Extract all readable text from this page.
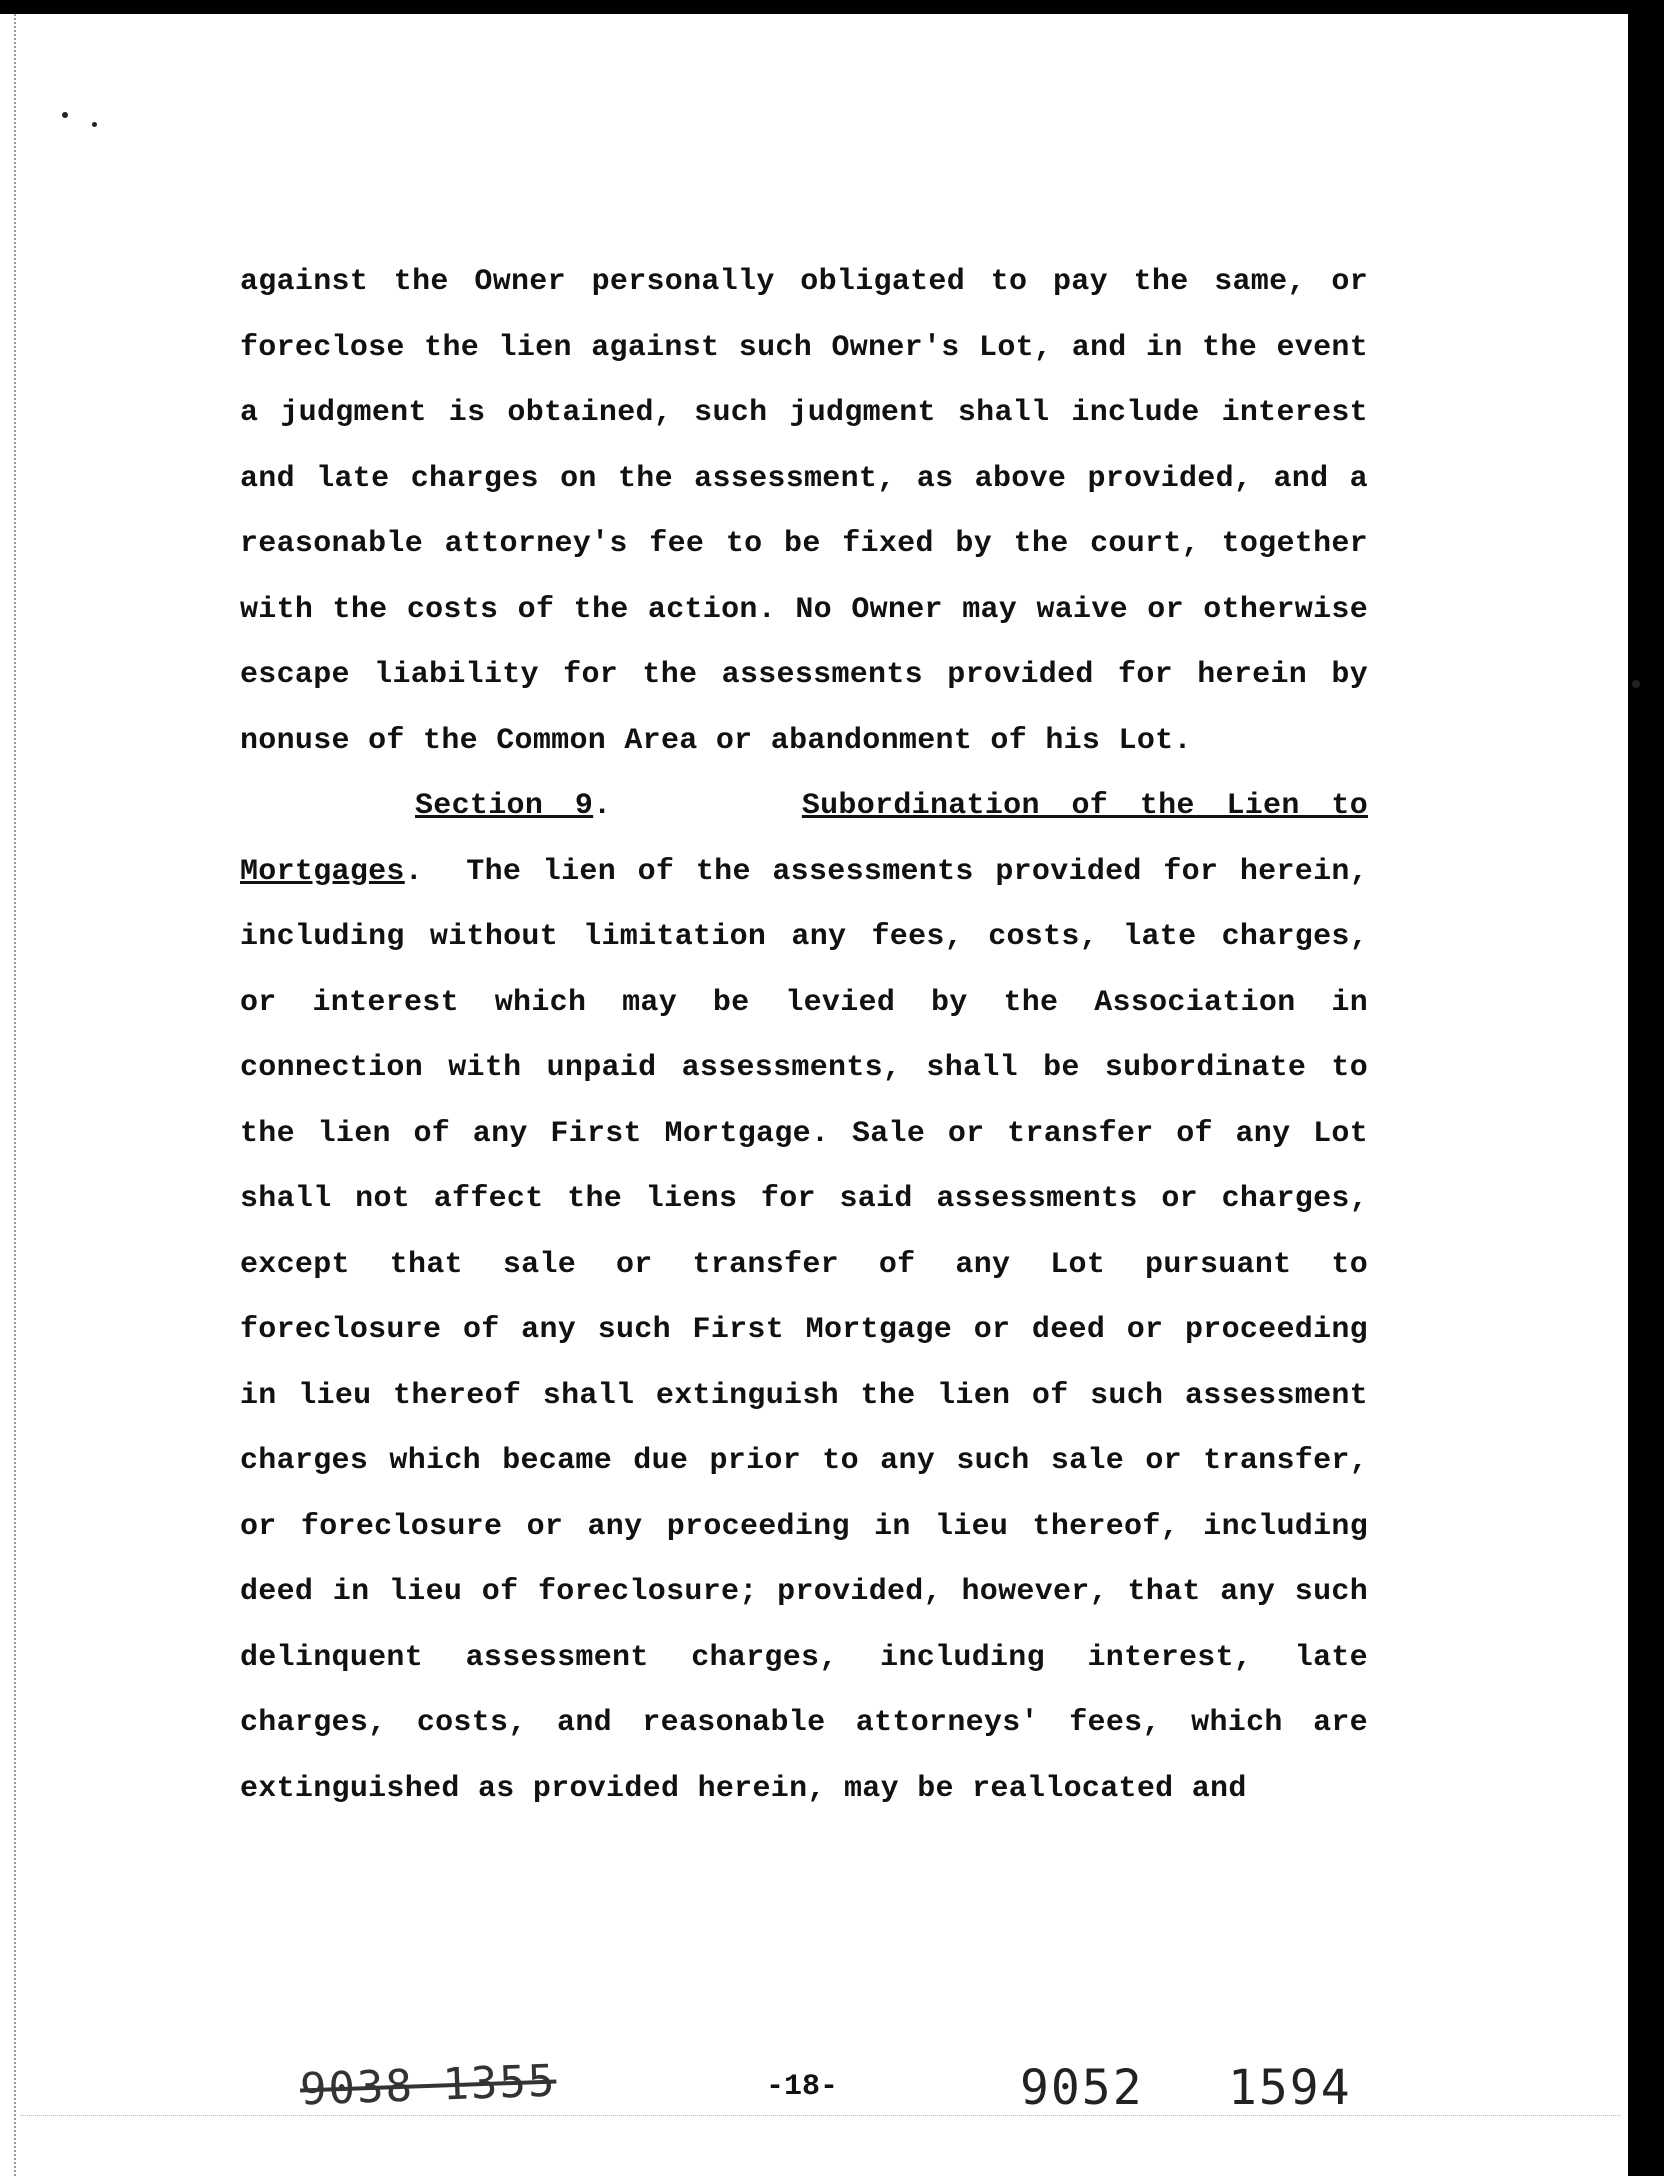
against the Owner personally obligated to pay the same, or foreclose the lien against such Owner's Lot, and in the event a judgment is obtained, such judgment shall include interest and late charges on the assessment, as above provided, and a reasonable attorney's fee to be fixed by the court, together with the costs of the action. No Owner may waive or otherwise escape liability for the assessments provided for herein by nonuse of the Common Area or abandonment of his Lot.

Section 9.	Subordination of the Lien to Mortgages. The lien of the assessments provided for herein, including without limitation any fees, costs, late charges, or interest which may be levied by the Association in connection with unpaid assessments, shall be subordinate to the lien of any First Mortgage. Sale or transfer of any Lot shall not affect the liens for said assessments or charges, except that sale or transfer of any Lot pursuant to foreclosure of any such First Mortgage or deed or proceeding in lieu thereof shall extinguish the lien of such assessment charges which became due prior to any such sale or transfer, or foreclosure or any proceeding in lieu thereof, including deed in lieu of foreclosure; provided, however, that any such delinquent assessment charges, including interest, late charges, costs, and reasonable attorneys' fees, which are extinguished as provided herein, may be reallocated and

9038 1355	-18-	9052 1594
